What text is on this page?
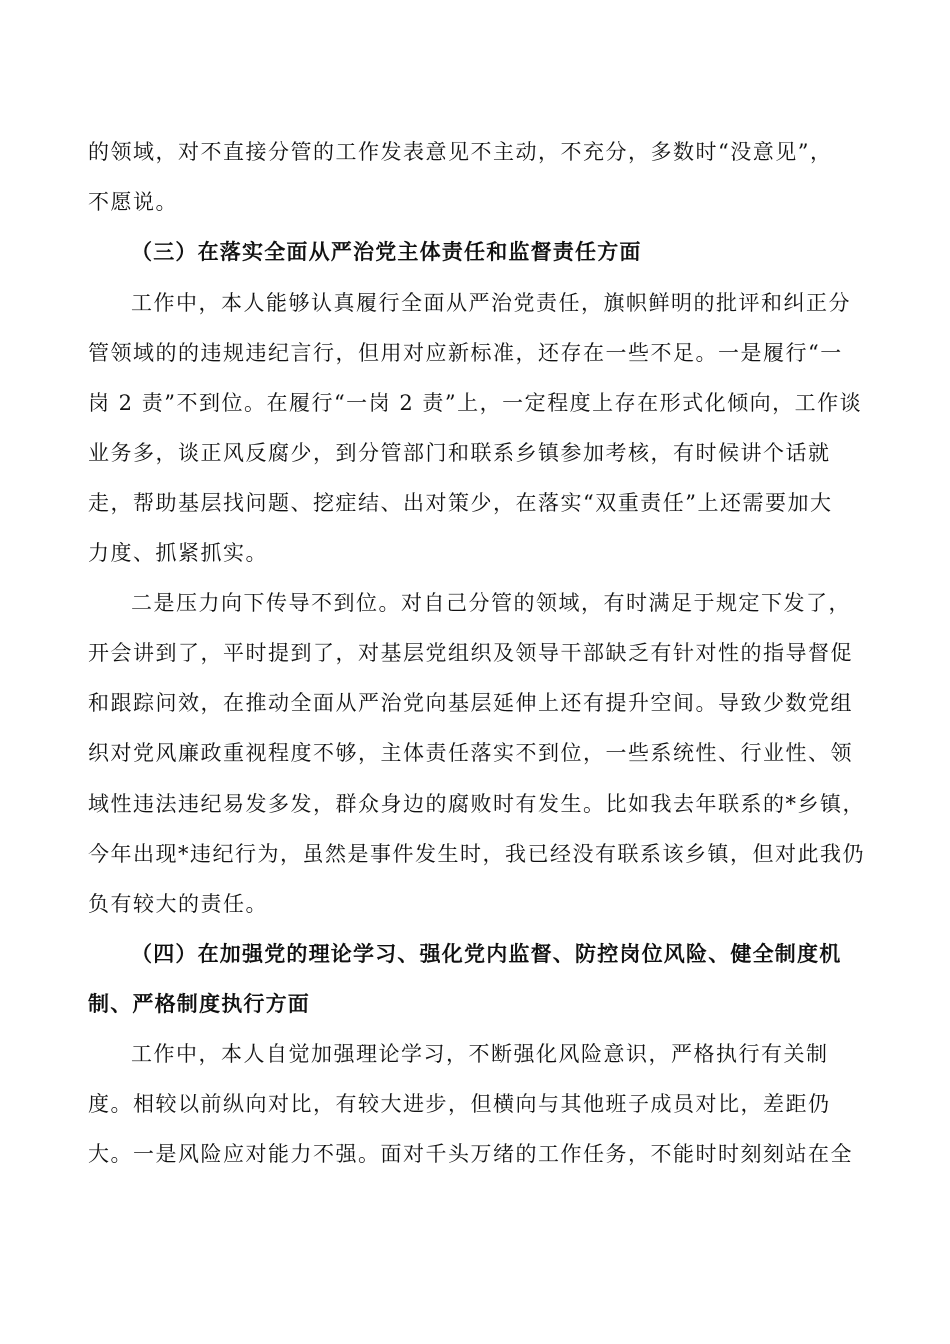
的领域，对不直接分管的工作发表意见不主动，不充分，多数时“没意见”，
不愿说。
（三）在落实全面从严治党主体责任和监督责任方面
工作中，本人能够认真履行全面从严治党责任，旗帜鲜明的批评和纠正分
管领域的的违规违纪言行，但用对应新标准，还存在一些不足。一是履行“一
岗 2 责”不到位。在履行“一岗 2 责”上，一定程度上存在形式化倾向，工作谈
业务多，谈正风反腐少，到分管部门和联系乡镇参加考核，有时候讲个话就
走，帮助基层找问题、挖症结、出对策少，在落实“双重责任”上还需要加大
力度、抓紧抓实。
二是压力向下传导不到位。对自己分管的领域，有时满足于规定下发了，
开会讲到了，平时提到了，对基层党组织及领导干部缺乏有针对性的指导督促
和跟踪问效，在推动全面从严治党向基层延伸上还有提升空间。导致少数党组
织对党风廉政重视程度不够，主体责任落实不到位，一些系统性、行业性、领
域性违法违纪易发多发，群众身边的腐败时有发生。比如我去年联系的*乡镇，
今年出现*违纪行为，虽然是事件发生时，我已经没有联系该乡镇，但对此我仍
负有较大的责任。
（四）在加强党的理论学习、强化党内监督、防控岗位风险、健全制度机
制、严格制度执行方面
工作中，本人自觉加强理论学习，不断强化风险意识，严格执行有关制
度。相较以前纵向对比，有较大进步，但横向与其他班子成员对比，差距仍
大。一是风险应对能力不强。面对千头万绪的工作任务，不能时时刻刻站在全
